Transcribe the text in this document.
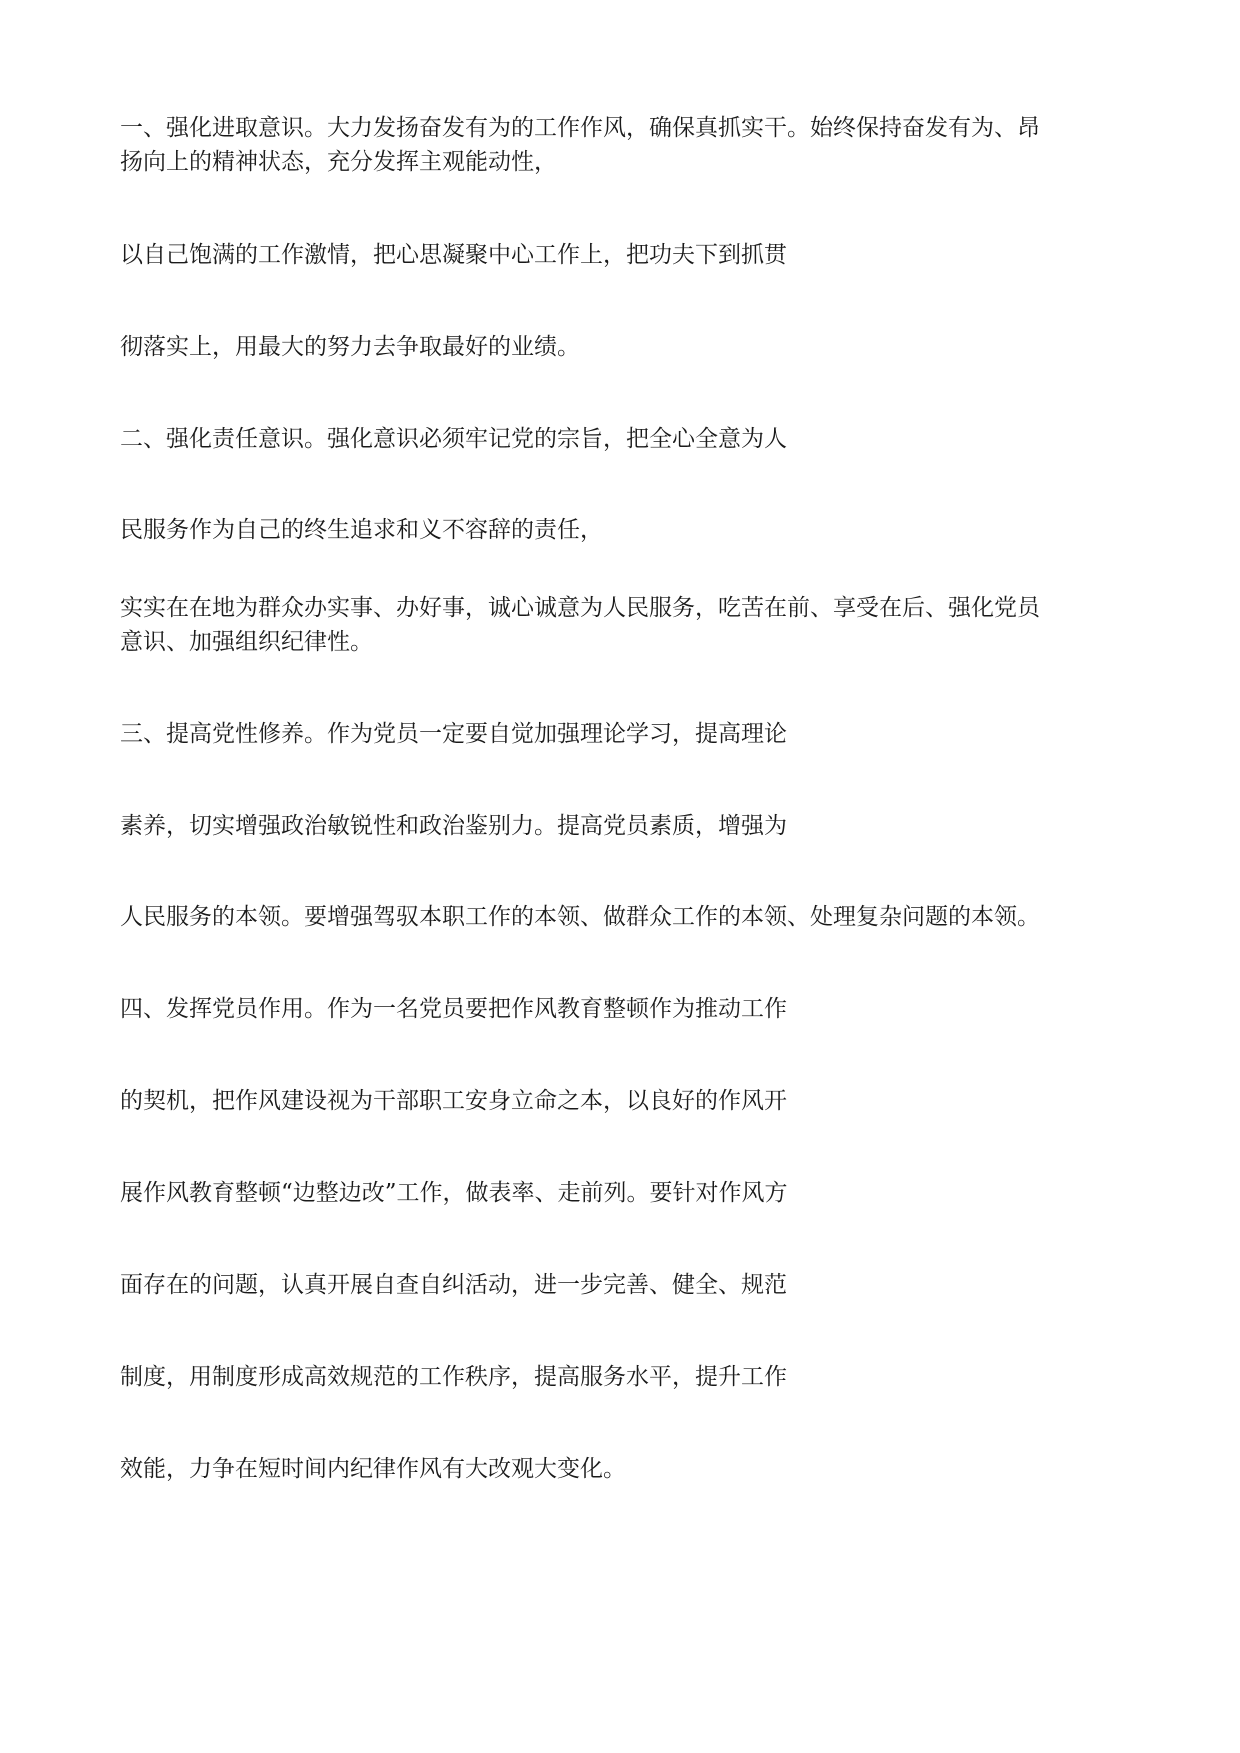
一、强化进取意识。大力发扬奋发有为的工作作风，确保真抓实干。始终保持奋发有为、昂
扬向上的精神状态，充分发挥主观能动性，

以自己饱满的工作激情，把心思凝聚中心工作上，把功夫下到抓贯

彻落实上，用最大的努力去争取最好的业绩。

二、强化责任意识。强化意识必须牢记党的宗旨，把全心全意为人

民服务作为自己的终生追求和义不容辞的责任，

实实在在地为群众办实事、办好事，诚心诚意为人民服务，吃苦在前、享受在后、强化党员
意识、加强组织纪律性。

三、提高党性修养。作为党员一定要自觉加强理论学习，提高理论

素养，切实增强政治敏锐性和政治鉴别力。提高党员素质，增强为

人民服务的本领。要增强驾驭本职工作的本领、做群众工作的本领、处理复杂问题的本领。

四、发挥党员作用。作为一名党员要把作风教育整顿作为推动工作

的契机，把作风建设视为干部职工安身立命之本，以良好的作风开

展作风教育整顿“边整边改”工作，做表率、走前列。要针对作风方

面存在的问题，认真开展自查自纠活动，进一步完善、健全、规范

制度，用制度形成高效规范的工作秩序，提高服务水平，提升工作

效能，力争在短时间内纪律作风有大改观大变化。
